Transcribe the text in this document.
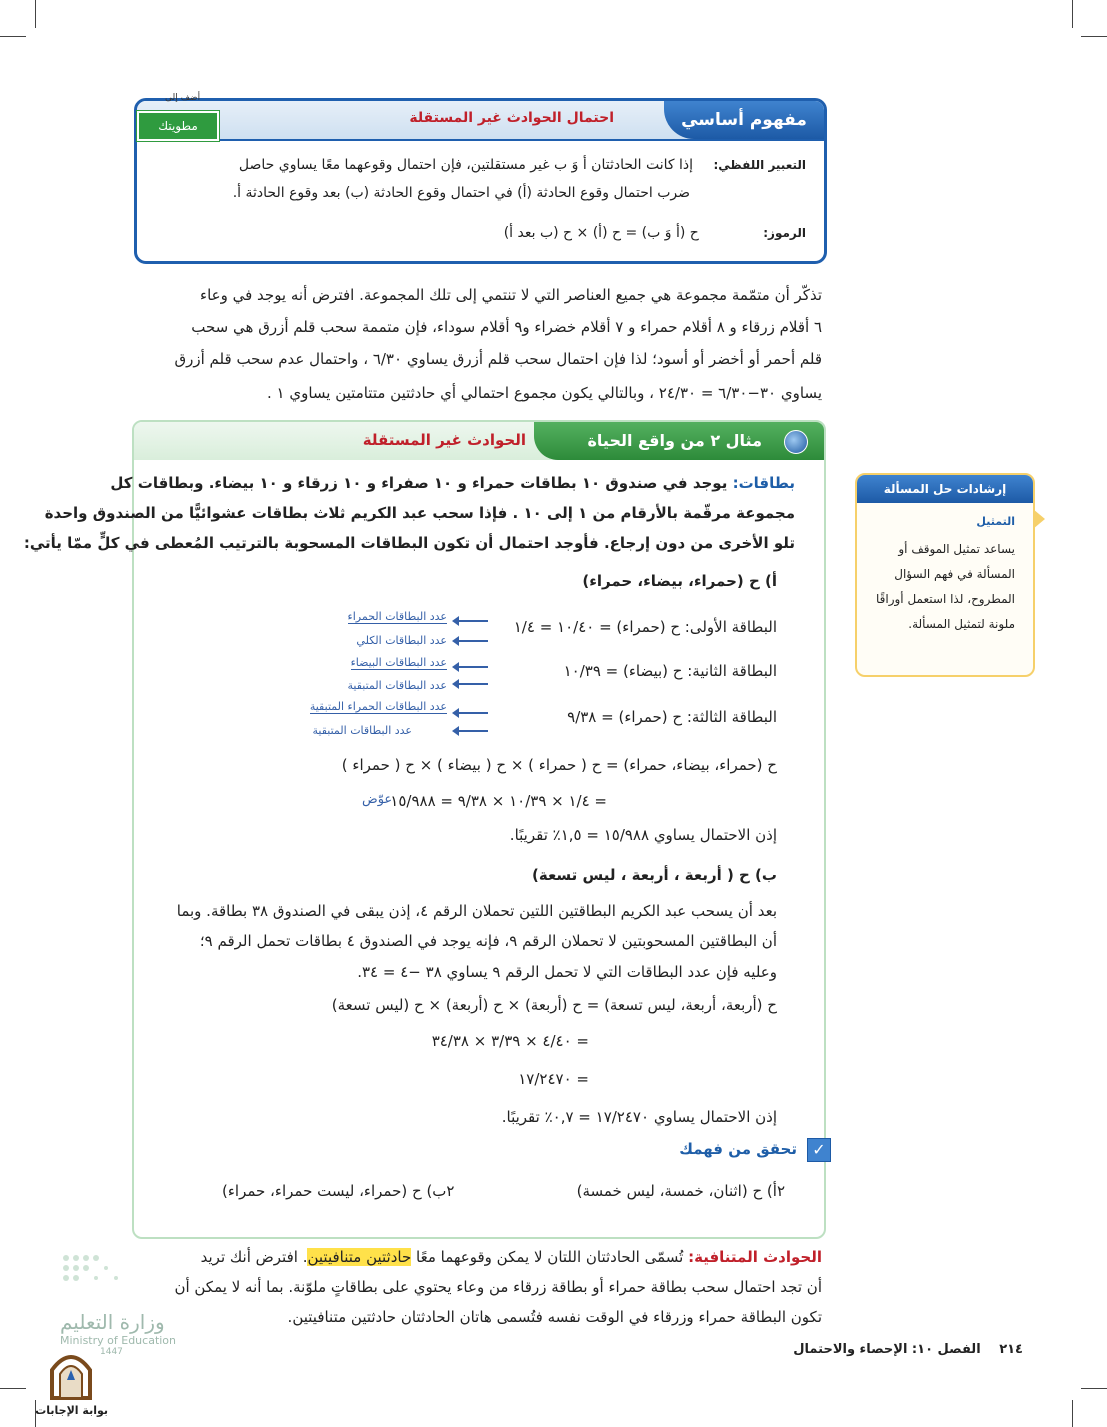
مفهوم أساسي
احتمال الحوادث غير المستقلة
أضف إلى
مطويتك
التعبير اللفظي: إذا كانت الحادثتان أ وَ ب غير مستقلتين، فإن احتمال وقوعهما معًا يساوي حاصل
ضرب احتمال وقوع الحادثة (أ) في احتمال وقوع الحادثة (ب) بعد وقوع الحادثة أ.
الرموز: ح (أ وَ ب) = ح (أ) × ح (ب بعد أ)
تذكّر أن متمّمة مجموعة هي جميع العناصر التي لا تنتمي إلى تلك المجموعة. افترض أنه يوجد في وعاء
٦ أقلام زرقاء و ٨ أقلام حمراء و ٧ أقلام خضراء و٩ أقلام سوداء، فإن متممة سحب قلم أزرق هي سحب
قلم أحمر أو أخضر أو أسود؛ لذا فإن احتمال سحب قلم أزرق يساوي ٦/٣٠ ، واحتمال عدم سحب قلم أزرق
يساوي ٣٠−٦/٣٠ = ٢٤/٣٠ ، وبالتالي يكون مجموع احتمالي أي حادثتين متتامتين يساوي ١ .
مثال ٢ من واقع الحياة
الحوادث غير المستقلة
بطاقات: يوجد في صندوق ١٠ بطاقات حمراء و ١٠ صفراء و ١٠ زرقاء و ١٠ بيضاء. وبطاقات كل
مجموعة مرقّمة بالأرقام من ١ إلى ١٠ . فإذا سحب عبد الكريم ثلاث بطاقات عشوائيًّا من الصندوق واحدة
تلو الأخرى من دون إرجاع. فأوجد احتمال أن تكون البطاقات المسحوبة بالترتيب المُعطى في كلٍّ ممّا يأتي:
أ) ح (حمراء، بيضاء، حمراء)
البطاقة الأولى: ح (حمراء) = ١٠/٤٠ = ١/٤
البطاقة الثانية: ح (بيضاء) = ١٠/٣٩
البطاقة الثالثة: ح (حمراء) = ٩/٣٨
عدد البطاقات الحمراء
عدد البطاقات الكلي
عدد البطاقات البيضاء
عدد البطاقات المتبقية
عدد البطاقات الحمراء المتبقية
عدد البطاقات المتبقية
ح (حمراء، بيضاء، حمراء) = ح ( حمراء ) × ح ( بيضاء ) × ح ( حمراء )
= ١/٤ × ١٠/٣٩ × ٩/٣٨ = ١٥/٩٨٨
عوّض
إذن الاحتمال يساوي ١٥/٩٨٨ = ١,٥٪ تقريبًا.
ب) ح ( أربعة ، أربعة ، ليس تسعة)
بعد أن يسحب عبد الكريم البطاقتين اللتين تحملان الرقم ٤، إذن يبقى في الصندوق ٣٨ بطاقة. وبما
أن البطاقتين المسحوبتين لا تحملان الرقم ٩، فإنه يوجد في الصندوق ٤ بطاقات تحمل الرقم ٩؛
وعليه فإن عدد البطاقات التي لا تحمل الرقم ٩ يساوي ٣٨ −٤ = ٣٤.
ح (أربعة، أربعة، ليس تسعة) = ح (أربعة) × ح (أربعة) × ح (ليس تسعة)
= ٤/٤٠ × ٣/٣٩ × ٣٤/٣٨
= ١٧/٢٤٧٠
إذن الاحتمال يساوي ١٧/٢٤٧٠ = ٠,٧٪ تقريبًا.
✓
تحقق من فهمك
٢أ) ح (اثنان، خمسة، ليس خمسة)
٢ب) ح (حمراء، ليست حمراء، حمراء)
إرشادات حل المسألة
التمثيل
يساعد تمثيل الموقف أو المسألة في فهم السؤال المطروح، لذا استعمل أوراقًا ملونة لتمثيل المسألة.
الحوادث المتنافية: تُسمّى الحادثتان اللتان لا يمكن وقوعهما معًا حادثتين متنافيتين. افترض أنك تريد
أن تجد احتمال سحب بطاقة حمراء أو بطاقة زرقاء من وعاء يحتوي على بطاقاتٍ ملوّنة. بما أنه لا يمكن أن
تكون البطاقة حمراء وزرقاء في الوقت نفسه فتُسمى هاتان الحادثتان حادثتين متنافيتين.
٢١٤ الفصل ١٠: الإحصاء والاحتمال
وزارة التعليم
Ministry of Education
1447
بوابة الإجابات
